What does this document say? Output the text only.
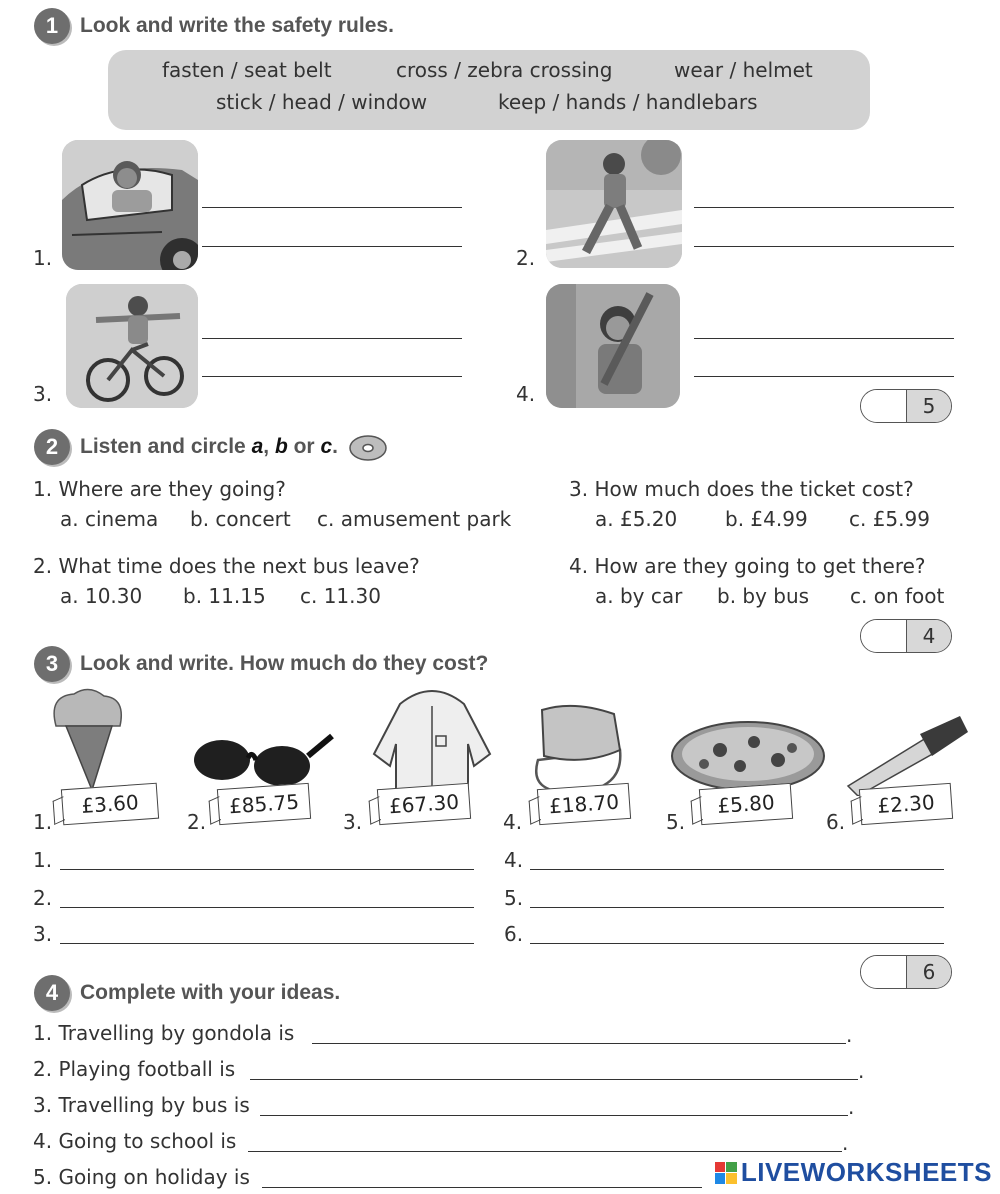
1	Look and write the safety rules.
fasten / seat belt	cross / zebra crossing	wear / helmet
stick / head / window	keep / hands / handlebars
1.	2.
3.	4.	5
2	Listen and circle a, b or c.
1. Where are they going?
a. cinema b. concert c. amusement park
2. What time does the next bus leave?
a. 10.30 b. 11.15 c. 11.30
3. How much does the ticket cost?
a. £5.20 b. £4.99 c. £5.99
4. How are they going to get there?
a. by car b. by bus c. on foot
4
3	Look and write. How much do they cost?
1.
£3.60
2.
£85.75
3.
£67.30
4.
£18.70
5.
£5.80
6.
£2.30
1.
2.
3.
4.
5.
6.
6
4	Complete with your ideas.
1. Travelling by gondola is	.
2. Playing football is	.
3. Travelling by bus is	.
4. Going to school is	.
5. Going on holiday is	LIVEWORKSHEETS
